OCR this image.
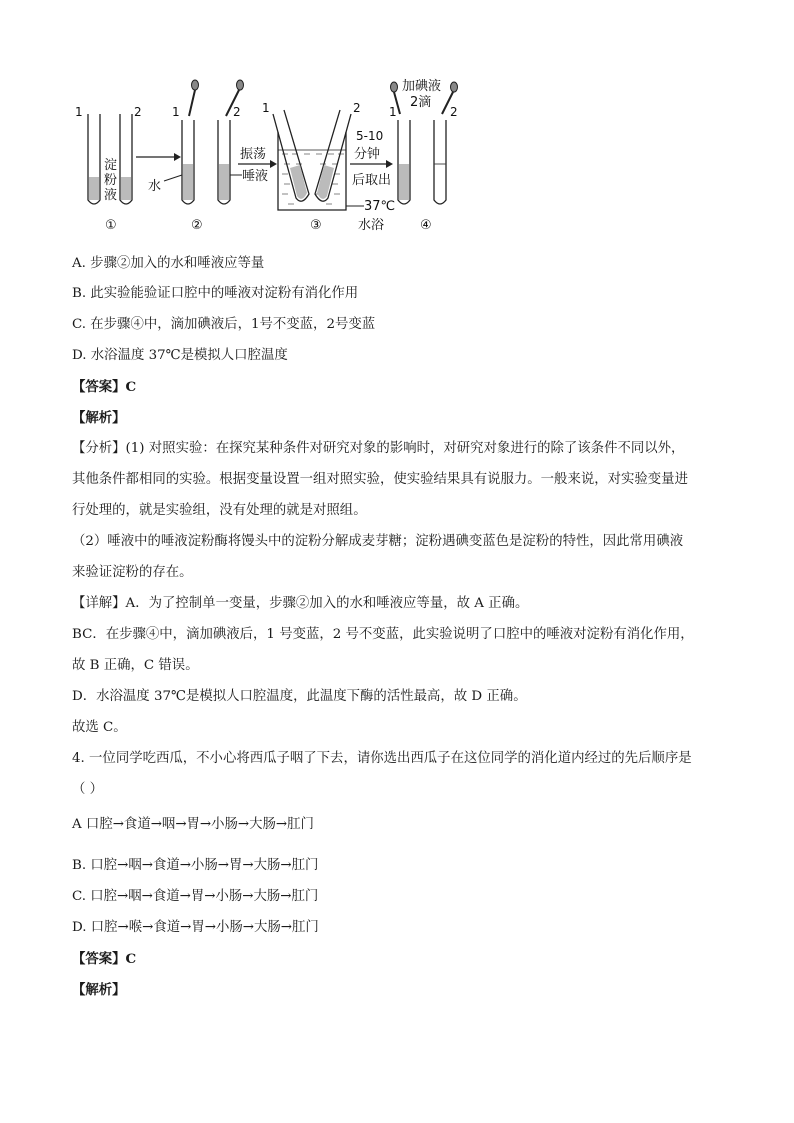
1	2
淀
粉
液
1	2
水
唾液
振荡
1	2
37℃
5-10
分钟
后取出
加碘液
2滴
1	2
①	②	③	水浴	④
A. 步骤②加入的水和唾液应等量
B. 此实验能验证口腔中的唾液对淀粉有消化作用
C. 在步骤④中，滴加碘液后，1号不变蓝，2号变蓝
D. 水浴温度 37℃是模拟人口腔温度
【答案】C
【解析】
【分析】(1) 对照实验：在探究某种条件对研究对象的影响时，对研究对象进行的除了该条件不同以外，
其他条件都相同的实验。根据变量设置一组对照实验，使实验结果具有说服力。一般来说，对实验变量进
行处理的，就是实验组，没有处理的就是对照组。
（2）唾液中的唾液淀粉酶将馒头中的淀粉分解成麦芽糖；淀粉遇碘变蓝色是淀粉的特性，因此常用碘液
来验证淀粉的存在。
【详解】A．为了控制单一变量，步骤②加入的水和唾液应等量，故 A 正确。
BC．在步骤④中，滴加碘液后，1 号变蓝，2 号不变蓝，此实验说明了口腔中的唾液对淀粉有消化作用，
故 B 正确，C 错误。
D．水浴温度 37℃是模拟人口腔温度，此温度下酶的活性最高，故 D 正确。
故选 C。
4. 一位同学吃西瓜，不小心将西瓜子咽了下去，请你选出西瓜子在这位同学的消化道内经过的先后顺序是
（ ）
A 口腔→食道→咽→胃→小肠→大肠→肛门
B. 口腔→咽→食道→小肠→胃→大肠→肛门
C. 口腔→咽→食道→胃→小肠→大肠→肛门
D. 口腔→喉→食道→胃→小肠→大肠→肛门
【答案】C
【解析】
